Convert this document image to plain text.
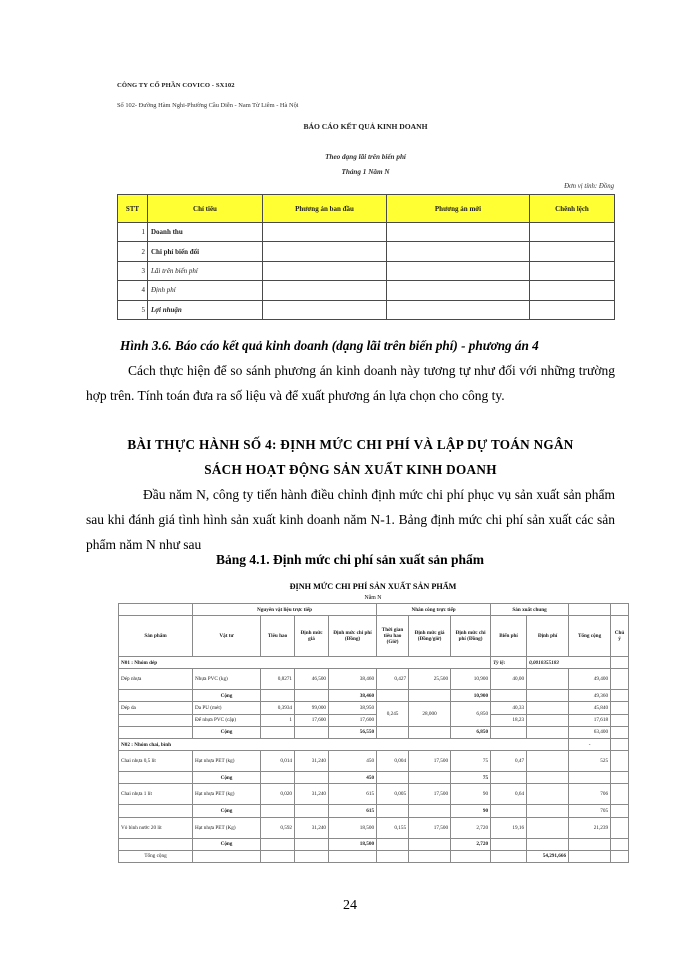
CÔNG TY CỔ PHẦN COVICO - SX102
Số 102- Đường Hàm Nghi-Phường Cầu Diễn - Nam Từ Liêm - Hà Nội
BÁO CÁO KẾT QUẢ KINH DOANH
Theo dạng lãi trên biến phí
Tháng 1 Năm N
Đơn vị tính: Đồng
STT	Chỉ tiêu	Phương án ban đầu	Phương án mới	Chênh lệch
1	Doanh thu			
2	Chi phí biến đổi			
3	Lãi trên biến phí			
4	Định phí			
5	Lợi nhuận			
Hình 3.6. Báo cáo kết quả kinh doanh (dạng lãi trên biến phí) - phương án 4
Cách thực hiện để so sánh phương án kinh doanh này tương tự như đối với những trường hợp trên. Tính toán đưa ra số liệu và để xuất phương án lựa chọn cho công ty.
BÀI THỰC HÀNH SỐ 4: ĐỊNH MỨC CHI PHÍ VÀ LẬP DỰ TOÁN NGÂN
SÁCH HOẠT ĐỘNG SẢN XUẤT KINH DOANH
Đầu năm N, công ty tiến hành điều chỉnh định mức chi phí phục vụ sản xuất sản phẩm sau khi đánh giá tình hình sản xuất kinh doanh năm N-1. Bảng định mức chi phí sản xuất các sản phẩm năm N như sau
Bảng 4.1. Định mức chi phí sản xuất sản phẩm
ĐỊNH MỨC CHI PHÍ SẢN XUẤT SẢN PHẨM
Năm N
	Nguyên vật liệu trực tiếp				Nhân công trực tiếp			Sản xuất chung			
Sản phẩm	Vật tư	Tiêu hao	Định mức giá	Định mức chi phí (Đồng)	Thời gian tiêu hao (Giờ)	Định mức giá (Đồng/giờ)	Định mức chi phí (Đồng)	Biến phí	Định phí	Tổng cộng	Chú ý
N01 : Nhóm dép								Tỷ lệ:	0,0010355183		
Dép nhựa	Nhựa PVC (kg)	0,8271	46,500	38,460	0,427	25,500	10,900	40,00		49,400	
	Cộng			38,460			10,900			49,360	
Dép da	Da PU (mét)	0,3934	99,000	38,950	0,245	28,000	6,850	40,33		45,840	
	Đế nhựa PVC (cặp)	1	17,600	17,600				18,23		17,618	
	Cộng			56,550			6,850			63,400	
N02 : Nhóm chai, bình										-	
Chai nhựa 0,5 lít	Hạt nhựa PET (kg)	0,014	31,240	450	0,004	17,500	75	0,47		525	
	Cộng			450			75				
Chai nhựa 1 lít	Hạt nhựa PET (kg)	0,020	31,240	615	0,005	17,500	90	0,64		706	
	Cộng			615			90			705	
Vỏ bình nước 20 lít	Hạt nhựa PET (Kg)	0,592	31,240	18,500	0,155	17,500	2,720	19,16		21,239	
	Cộng			18,500			2,720				
Tổng cộng									54,291,666		
24
